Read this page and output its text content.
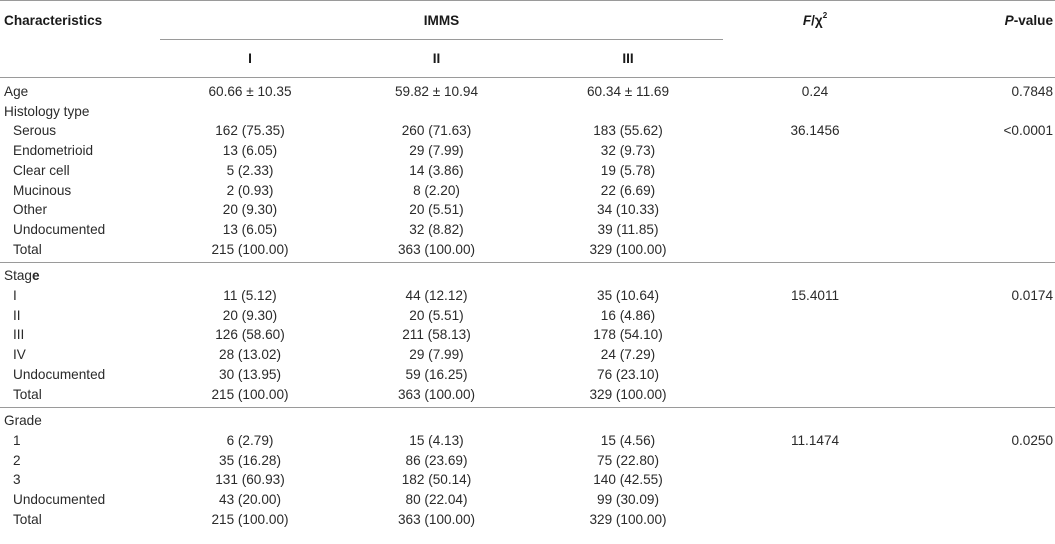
Characteristics	IMMS			$F/\chi^2$	P-value
	I	II	III		
Age	60.66 ± 10.35	59.82 ± 10.94	60.34 ± 11.69	0.24	0.7848
Histology type					
Serous	162 (75.35)	260 (71.63)	183 (55.62)	36.1456	<0.0001
Endometrioid	13 (6.05)	29 (7.99)	32 (9.73)		
Clear cell	5 (2.33)	14 (3.86)	19 (5.78)		
Mucinous	2 (0.93)	8 (2.20)	22 (6.69)		
Other	20 (9.30)	20 (5.51)	34 (10.33)		
Undocumented	13 (6.05)	32 (8.82)	39 (11.85)		
Total	215 (100.00)	363 (100.00)	329 (100.00)		
Stage					
I	11 (5.12)	44 (12.12)	35 (10.64)	15.4011	0.0174
II	20 (9.30)	20 (5.51)	16 (4.86)		
III	126 (58.60)	211 (58.13)	178 (54.10)		
IV	28 (13.02)	29 (7.99)	24 (7.29)		
Undocumented	30 (13.95)	59 (16.25)	76 (23.10)		
Total	215 (100.00)	363 (100.00)	329 (100.00)		
Grade					
1	6 (2.79)	15 (4.13)	15 (4.56)	11.1474	0.0250
2	35 (16.28)	86 (23.69)	75 (22.80)		
3	131 (60.93)	182 (50.14)	140 (42.55)		
Undocumented	43 (20.00)	80 (22.04)	99 (30.09)		
Total	215 (100.00)	363 (100.00)	329 (100.00)		
